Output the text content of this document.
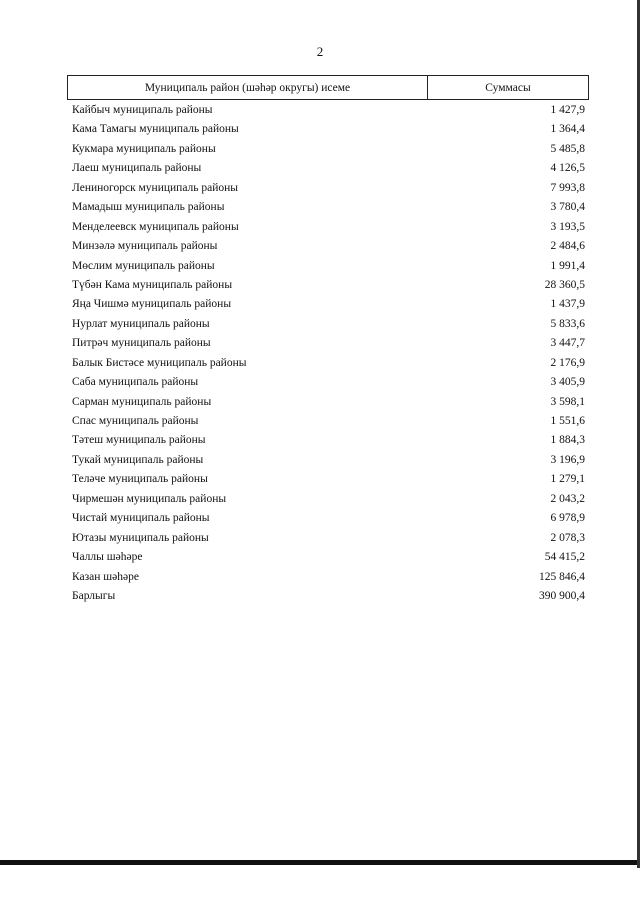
2
Муниципаль район (шәһәр округы) исеме	Суммасы
Кайбыч муниципаль районы	1 427,9
Кама Тамагы муниципаль районы	1 364,4
Кукмара муниципаль районы	5 485,8
Лаеш муниципаль районы	4 126,5
Лениногорск муниципаль районы	7 993,8
Мамадыш муниципаль районы	3 780,4
Менделеевск муниципаль районы	3 193,5
Минзәлә муниципаль районы	2 484,6
Мөслим муниципаль районы	1 991,4
Түбән Кама муниципаль районы	28 360,5
Яңа Чишмә муниципаль районы	1 437,9
Нурлат муниципаль районы	5 833,6
Питрәч муниципаль районы	3 447,7
Балык Бистәсе муниципаль районы	2 176,9
Саба муниципаль районы	3 405,9
Сарман муниципаль районы	3 598,1
Спас муниципаль районы	1 551,6
Тәтеш муниципаль районы	1 884,3
Тукай муниципаль районы	3 196,9
Теләче муниципаль районы	1 279,1
Чирмешән муниципаль районы	2 043,2
Чистай муниципаль районы	6 978,9
Ютазы муниципаль районы	2 078,3
Чаллы шәһәре	54 415,2
Казан шәһәре	125 846,4
Барлыгы	390 900,4
